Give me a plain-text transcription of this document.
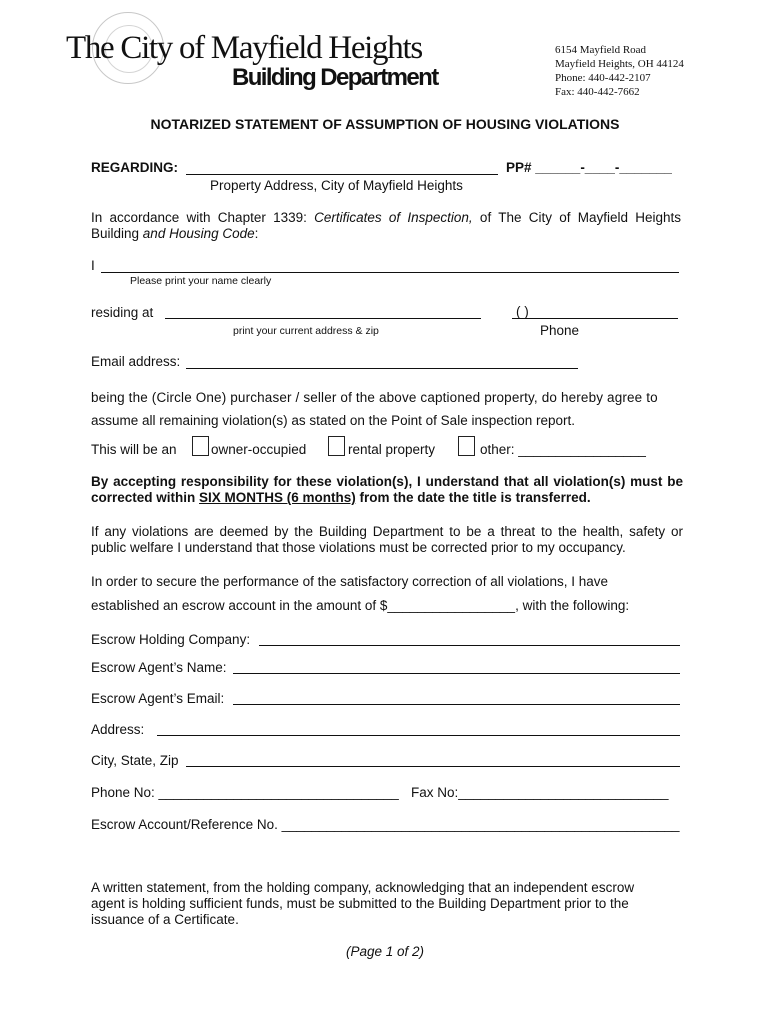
The City of Mayfield Heights
Building Department
6154 Mayfield Road
Mayfield Heights, OH 44124
Phone: 440-442-2107
Fax: 440-442-7662
NOTARIZED STATEMENT OF ASSUMPTION OF HOUSING VIOLATIONS
REGARDING:	PP# ______-____-_______
Property Address, City of Mayfield Heights
In accordance with Chapter 1339: Certificates of Inspection, of The City of Mayfield Heights Building and Housing Code:
I
Please print your name clearly
residing at	( )
print your current address & zip	Phone
Email address:
being the (Circle One) purchaser / seller of the above captioned property, do hereby agree to
assume all remaining violation(s) as stated on the Point of Sale inspection report.
This will be an	owner-occupied	rental property	other: _________________
By accepting responsibility for these violation(s), I understand that all violation(s) must be corrected within SIX MONTHS (6 months) from the date the title is transferred.
If any violations are deemed by the Building Department to be a threat to the health, safety or public welfare I understand that those violations must be corrected prior to my occupancy.
In order to secure the performance of the satisfactory correction of all violations, I have
established an escrow account in the amount of $_________________, with the following:
Escrow Holding Company:
Escrow Agent’s Name:
Escrow Agent’s Email:
Address:
City, State, Zip
Phone No: ________________________________ Fax No:____________________________
Escrow Account/Reference No. _____________________________________________________
A written statement, from the holding company, acknowledging that an independent escrow agent is holding sufficient funds, must be submitted to the Building Department prior to the issuance of a Certificate.
(Page 1 of 2)
